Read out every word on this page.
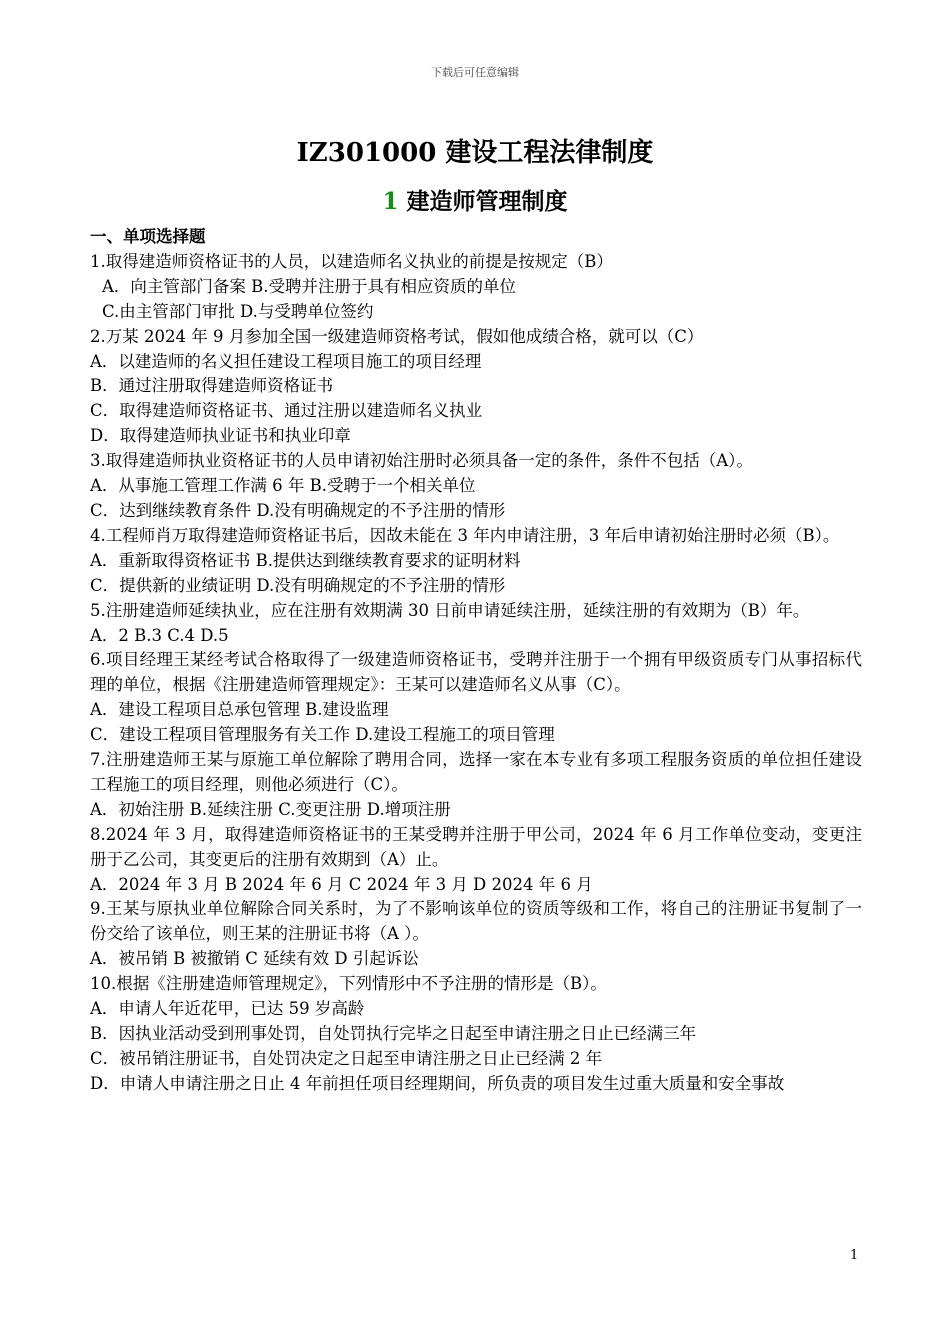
下载后可任意编辑
IZ301000 建设工程法律制度
1 建造师管理制度
一、单项选择题
1.取得建造师资格证书的人员，以建造师名义执业的前提是按规定（B）
A．向主管部门备案 B.受聘并注册于具有相应资质的单位
C.由主管部门审批 D.与受聘单位签约
2.万某 2024 年 9 月参加全国一级建造师资格考试，假如他成绩合格，就可以（C）
A．以建造师的名义担任建设工程项目施工的项目经理
B．通过注册取得建造师资格证书
C．取得建造师资格证书、通过注册以建造师名义执业
D．取得建造师执业证书和执业印章
3.取得建造师执业资格证书的人员申请初始注册时必须具备一定的条件，条件不包括（A）。
A．从事施工管理工作满 6 年 B.受聘于一个相关单位
C．达到继续教育条件 D.没有明确规定的不予注册的情形
4.工程师肖万取得建造师资格证书后，因故未能在 3 年内申请注册，3 年后申请初始注册时必须（B）。
A．重新取得资格证书 B.提供达到继续教育要求的证明材料
C．提供新的业绩证明 D.没有明确规定的不予注册的情形
5.注册建造师延续执业，应在注册有效期满 30 日前申请延续注册，延续注册的有效期为（B）年。
A．2 B.3 C.4 D.5
6.项目经理王某经考试合格取得了一级建造师资格证书，受聘并注册于一个拥有甲级资质专门从事招标代理的单位，根据《注册建造师管理规定》：王某可以建造师名义从事（C）。
A．建设工程项目总承包管理 B.建设监理
C．建设工程项目管理服务有关工作 D.建设工程施工的项目管理
7.注册建造师王某与原施工单位解除了聘用合同，选择一家在本专业有多项工程服务资质的单位担任建设工程施工的项目经理，则他必须进行（C）。
A．初始注册 B.延续注册 C.变更注册 D.增项注册
8.2024 年 3 月，取得建造师资格证书的王某受聘并注册于甲公司，2024 年 6 月工作单位变动，变更注册于乙公司，其变更后的注册有效期到（A）止。
A．2024 年 3 月 B 2024 年 6 月 C 2024 年 3 月 D 2024 年 6 月
9.王某与原执业单位解除合同关系时，为了不影响该单位的资质等级和工作，将自己的注册证书复制了一份交给了该单位，则王某的注册证书将（A ）。
A．被吊销 B 被撤销 C 延续有效 D 引起诉讼
10.根据《注册建造师管理规定》，下列情形中不予注册的情形是（B）。
A．申请人年近花甲，已达 59 岁高龄
B．因执业活动受到刑事处罚，自处罚执行完毕之日起至申请注册之日止已经满三年
C．被吊销注册证书，自处罚决定之日起至申请注册之日止已经满 2 年
D．申请人申请注册之日止 4 年前担任项目经理期间，所负责的项目发生过重大质量和安全事故
1
